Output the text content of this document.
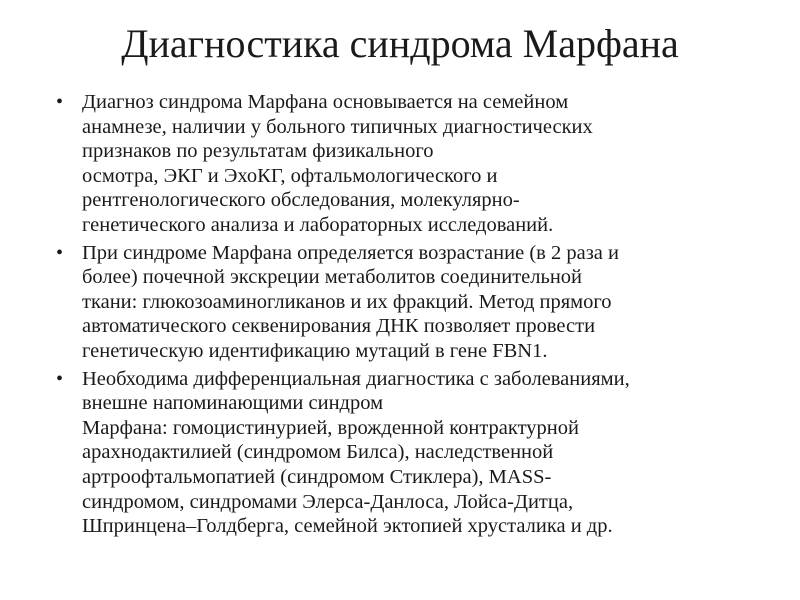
Диагностика синдрома Марфана
• Диагноз синдрома Марфана основывается на семейном
анамнезе, наличии у больного типичных диагностических
признаков по результатам физикального
осмотра, ЭКГ и ЭхоКГ, офтальмологического и
рентгенологического обследования, молекулярно-
генетического анализа и лабораторных исследований.
• При синдроме Марфана определяется возрастание (в 2 раза и
более) почечной экскреции метаболитов соединительной
ткани: глюкозоаминогликанов и их фракций. Метод прямого
автоматического секвенирования ДНК позволяет провести
генетическую идентификацию мутаций в гене FBN1.
• Необходима дифференциальная диагностика с заболеваниями,
внешне напоминающими синдром
Марфана: гомоцистинурией, врожденной контрактурной
арахнодактилией (синдромом Билса), наследственной
артроофтальмопатией (синдромом Стиклера), MASS-
синдромом, синдромами Элерса-Данлоса, Лойса-Дитца,
Шпринцена–Голдберга, семейной эктопией хрусталика и др.
